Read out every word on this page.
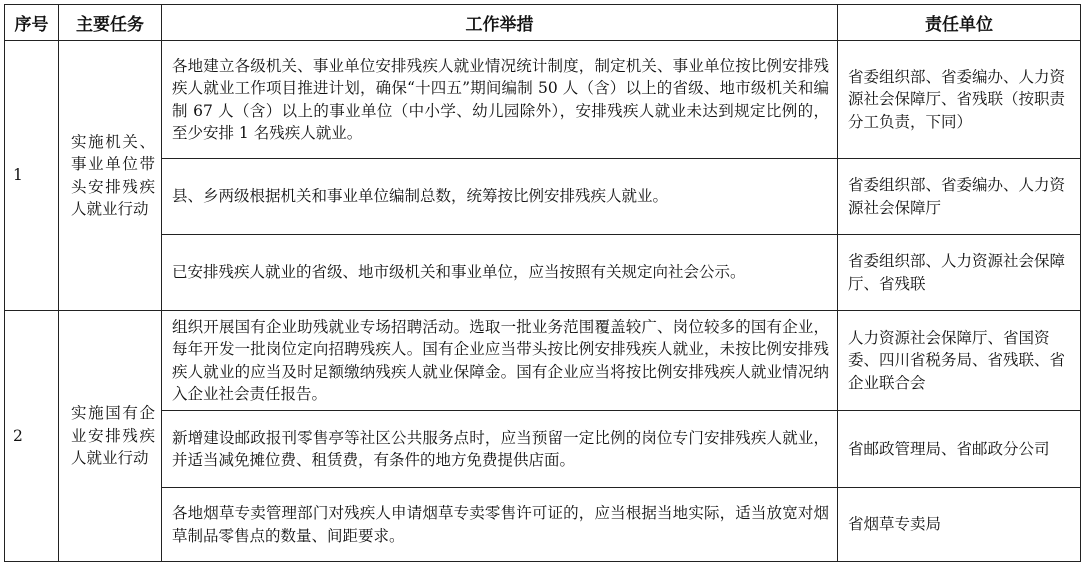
序号	主要任务	工作举措	责任单位
1	实施机关、事业单位带头安排残疾人就业行动	各地建立各级机关、事业单位安排残疾人就业情况统计制度，制定机关、事业单位按比例安排残疾人就业工作项目推进计划，确保“十四五”期间编制 50 人（含）以上的省级、地市级机关和编制 67 人（含）以上的事业单位（中小学、幼儿园除外），安排残疾人就业未达到规定比例的，至少安排 1 名残疾人就业。	省委组织部、省委编办、人力资源社会保障厅、省残联（按职责分工负责，下同）
		县、乡两级根据机关和事业单位编制总数，统筹按比例安排残疾人就业。	省委组织部、省委编办、人力资源社会保障厅
		已安排残疾人就业的省级、地市级机关和事业单位，应当按照有关规定向社会公示。	省委组织部、人力资源社会保障厅、省残联
2	实施国有企业安排残疾人就业行动	组织开展国有企业助残就业专场招聘活动。选取一批业务范围覆盖较广、岗位较多的国有企业，每年开发一批岗位定向招聘残疾人。国有企业应当带头按比例安排残疾人就业，未按比例安排残疾人就业的应当及时足额缴纳残疾人就业保障金。国有企业应当将按比例安排残疾人就业情况纳入企业社会责任报告。	人力资源社会保障厅、省国资委、四川省税务局、省残联、省企业联合会
		新增建设邮政报刊零售亭等社区公共服务点时，应当预留一定比例的岗位专门安排残疾人就业，并适当减免摊位费、租赁费，有条件的地方免费提供店面。	省邮政管理局、省邮政分公司
		各地烟草专卖管理部门对残疾人申请烟草专卖零售许可证的，应当根据当地实际，适当放宽对烟草制品零售点的数量、间距要求。	省烟草专卖局
